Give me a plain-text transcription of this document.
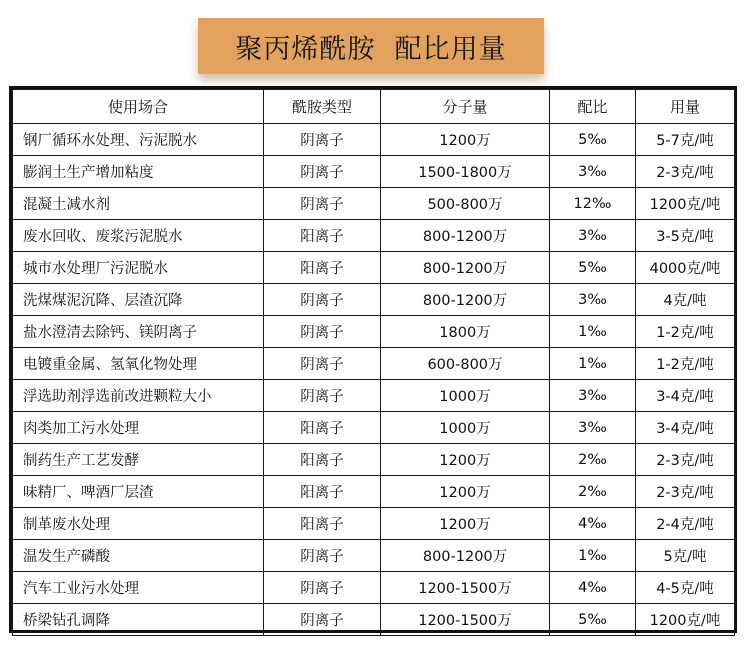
聚丙烯酰胺  配比用量
使用场合	酰胺类型	分子量	配比	用量
钢厂循环水处理、污泥脱水	阴离子	1200万	5‰	5-7克/吨
膨润土生产增加粘度	阴离子	1500-1800万	3‰	2-3克/吨
混凝土减水剂	阴离子	500-800万	12‰	1200克/吨
废水回收、废浆污泥脱水	阳离子	800-1200万	3‰	3-5克/吨
城市水处理厂污泥脱水	阳离子	800-1200万	5‰	4000克/吨
洗煤煤泥沉降、层渣沉降	阴离子	800-1200万	3‰	4克/吨
盐水澄清去除钙、镁阴离子	阴离子	1800万	1‰	1-2克/吨
电镀重金属、氢氧化物处理	阴离子	600-800万	1‰	1-2克/吨
浮选助剂浮选前改进颗粒大小	阴离子	1000万	3‰	3-4克/吨
肉类加工污水处理	阳离子	1000万	3‰	3-4克/吨
制药生产工艺发酵	阳离子	1200万	2‰	2-3克/吨
味精厂、啤酒厂层渣	阳离子	1200万	2‰	2-3克/吨
制革废水处理	阳离子	1200万	4‰	2-4克/吨
温发生产磷酸	阴离子	800-1200万	1‰	5克/吨
汽车工业污水处理	阴离子	1200-1500万	4‰	4-5克/吨
桥梁钻孔调降	阴离子	1200-1500万	5‰	1200克/吨
